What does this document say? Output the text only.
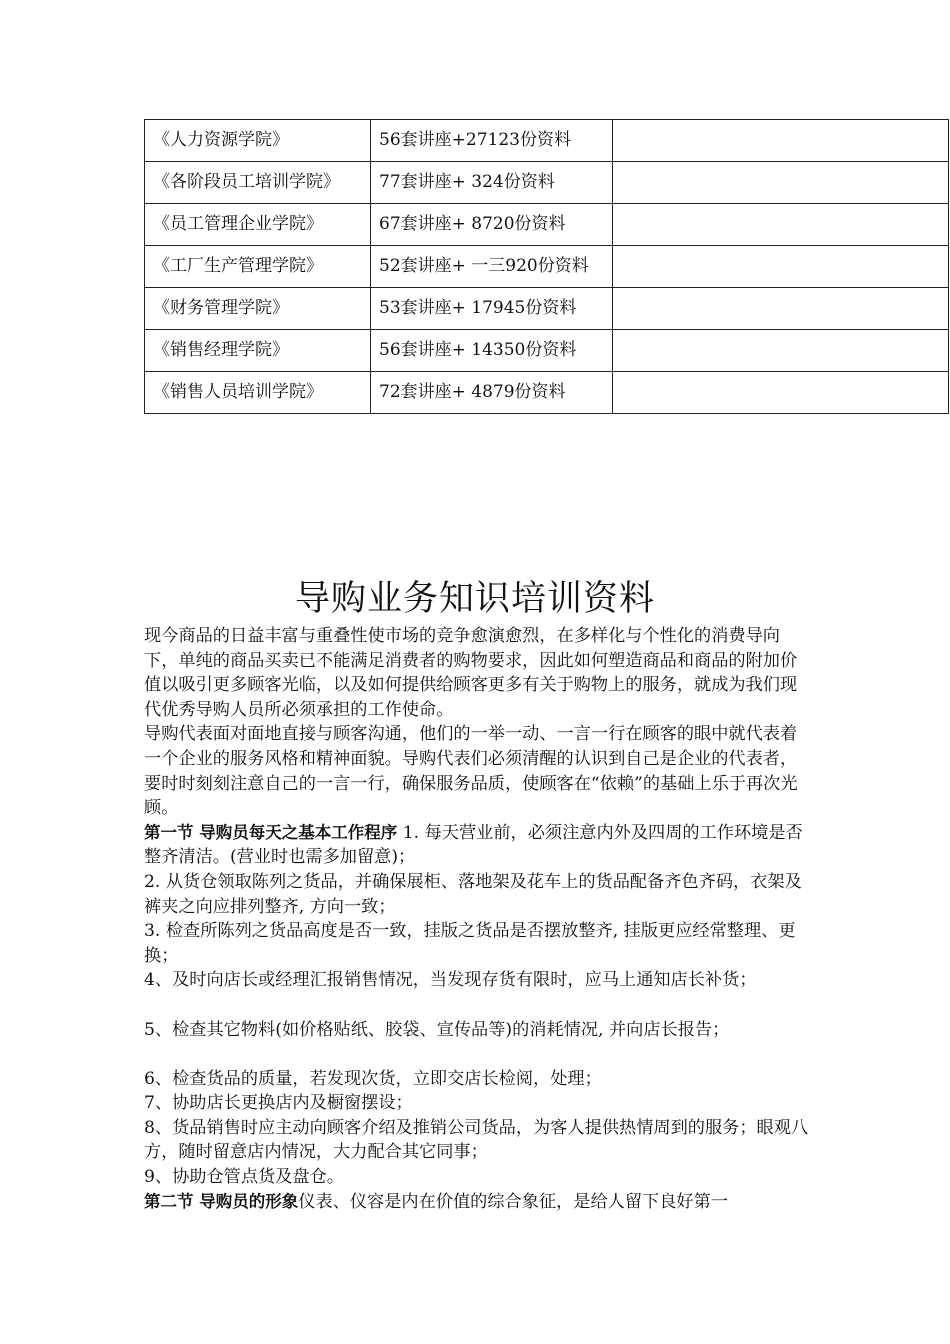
《人力资源学院》	56套讲座+27123份资料	
《各阶段员工培训学院》	77套讲座+ 324份资料	
《员工管理企业学院》	67套讲座+ 8720份资料	
《工厂生产管理学院》	52套讲座+ 一三920份资料	
《财务管理学院》	53套讲座+ 17945份资料	
《销售经理学院》	56套讲座+ 14350份资料	
《销售人员培训学院》	72套讲座+ 4879份资料	
导购业务知识培训资料

现今商品的日益丰富与重叠性使市场的竞争愈演愈烈，在多样化与个性化的消费导向下，单纯的商品买卖已不能满足消费者的购物要求，因此如何塑造商品和商品的附加价值以吸引更多顾客光临，以及如何提供给顾客更多有关于购物上的服务，就成为我们现代优秀导购人员所必须承担的工作使命。

导购代表面对面地直接与顾客沟通，他们的一举一动、一言一行在顾客的眼中就代表着一个企业的服务风格和精神面貌。导购代表们必须清醒的认识到自己是企业的代表者，要时时刻刻注意自己的一言一行，确保服务品质，使顾客在“依赖”的基础上乐于再次光顾。

第一节 导购员每天之基本工作程序 1. 每天营业前，必须注意内外及四周的工作环境是否整齐清洁。(营业时也需多加留意)；

2. 从货仓领取陈列之货品，并确保展柜、落地架及花车上的货品配备齐色齐码，衣架及裤夹之向应排列整齐, 方向一致；

3. 检查所陈列之货品高度是否一致，挂版之货品是否摆放整齐, 挂版更应经常整理、更换；

4、及时向店长或经理汇报销售情况，当发现存货有限时，应马上通知店长补货；

5、检查其它物料(如价格贴纸、胶袋、宣传品等)的消耗情况, 并向店长报告；

6、检查货品的质量，若发现次货，立即交店长检阅，处理；

7、协助店长更换店内及橱窗摆设；

8、货品销售时应主动向顾客介绍及推销公司货品，为客人提供热情周到的服务；眼观八方，随时留意店内情况，大力配合其它同事；

9、协助仓管点货及盘仓。

第二节 导购员的形象仪表、仪容是内在价值的综合象征，是给人留下良好第一
